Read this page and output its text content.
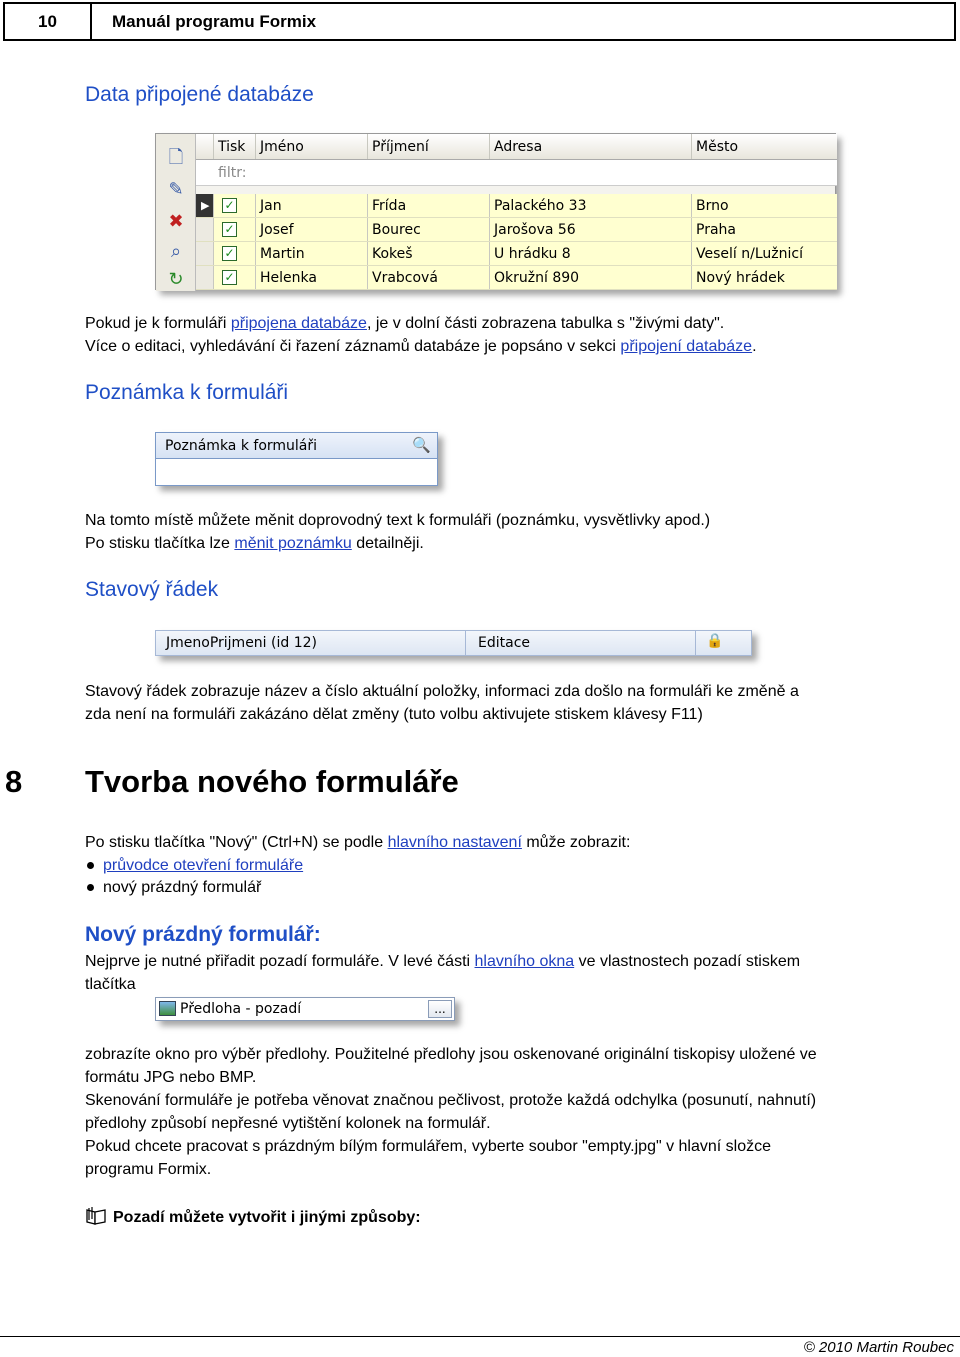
10	Manuál programu Formix
Data připojené databáze
🗋
✎
✖
⌕
↻
Tisk	Jméno	Příjmení	Adresa	Město
filtr:
▶	✓ Jan	Frída	Palackého 33	Brno
✓ Josef	Bourec	Jarošova 56	Praha
✓ Martin	Kokeš	U hrádku 8	Veselí n/Lužnicí
✓ Helenka	Vrabcová	Okružní 890	Nový hrádek
Pokud je k formuláři připojena databáze, je v dolní části zobrazena tabulka s "živými daty".
Více o editaci, vyhledávání či řazení záznamů databáze je popsáno v sekci připojení databáze.
Poznámka k formuláři
Poznámka k formuláři	🔍
Na tomto místě můžete měnit doprovodný text k formuláři (poznámku, vysvětlivky apod.)
Po stisku tlačítka lze měnit poznámku detailněji.
Stavový řádek
JmenoPrijmeni (id 12)	Editace	🔒
Stavový řádek zobrazuje název a číslo aktuální položky, informaci zda došlo na formuláři ke změně a
zda není na formuláři zakázáno dělat změny (tuto volbu aktivujete stiskem klávesy F11)
8	Tvorba nového formuláře
Po stisku tlačítka "Nový" (Ctrl+N) se podle hlavního nastavení může zobrazit:
průvodce otevření formuláře
nový prázdný formulář
Nový prázdný formulář:
Nejprve je nutné přiřadit pozadí formuláře. V levé části hlavního okna ve vlastnostech pozadí stiskem
tlačítka
Předloha - pozadí	...
zobrazíte okno pro výběr předlohy. Použitelné předlohy jsou oskenované originální tiskopisy uložené ve
formátu JPG nebo BMP.
Skenování formuláře je potřeba věnovat značnou pečlivost, protože každá odchylka (posunutí, nahnutí)
předlohy způsobí nepřesné vytištění kolonek na formulář.
Pokud chcete pracovat s prázdným bílým formulářem, vyberte soubor "empty.jpg" v hlavní složce
programu Formix.
Pozadí můžete vytvořit i jinými způsoby:
© 2010 Martin Roubec
